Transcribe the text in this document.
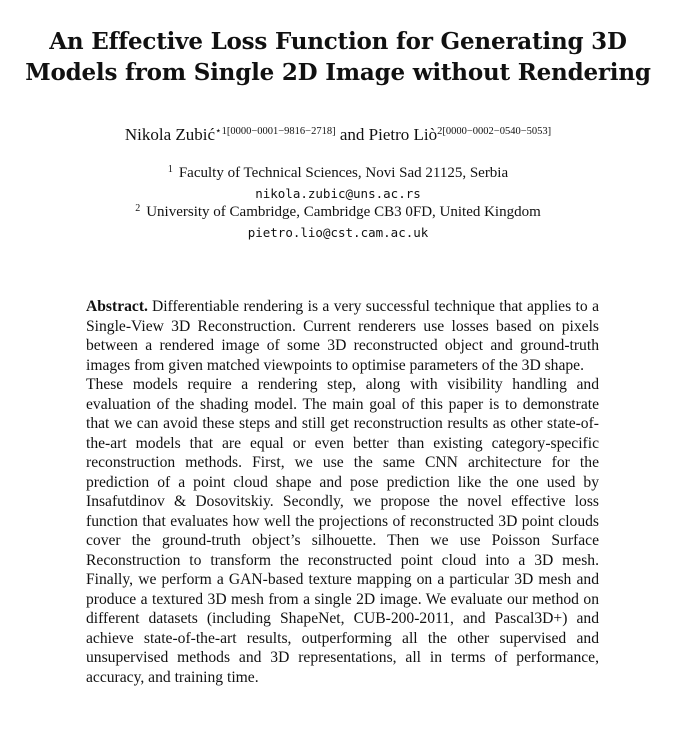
An Effective Loss Function for Generating 3D
Models from Single 2D Image without Rendering
Nikola Zubić$^{⋆1[0000-0001-9816-2718]}$ and Pietro Liò$^{2[0000-0002-0540-5053]}$
$^1$ Faculty of Technical Sciences, Novi Sad 21125, Serbia
nikola.zubic@uns.ac.rs
$^2$ University of Cambridge, Cambridge CB3 0FD, United Kingdom
pietro.lio@cst.cam.ac.uk

Abstract. Differentiable rendering is a very successful technique that applies to a Single-View 3D Reconstruction. Current renderers use losses based on pixels between a rendered image of some 3D reconstructed object and ground-truth images from given matched viewpoints to optimise parameters of the 3D shape.

These models require a rendering step, along with visibility handling and evaluation of the shading model. The main goal of this paper is to demonstrate that we can avoid these steps and still get reconstruction results as other state-of-the-art models that are equal or even better than existing category-specific reconstruction methods. First, we use the same CNN architecture for the prediction of a point cloud shape and pose prediction like the one used by Insafutdinov & Dosovitskiy. Secondly, we propose the novel effective loss function that evaluates how well the projections of reconstructed 3D point clouds cover the ground-truth object’s silhouette. Then we use Poisson Surface Reconstruction to transform the reconstructed point cloud into a 3D mesh. Finally, we perform a GAN-based texture mapping on a particular 3D mesh and produce a textured 3D mesh from a single 2D image. We evaluate our method on different datasets (including ShapeNet, CUB-200-2011, and Pascal3D+) and achieve state-of-the-art results, outperforming all the other supervised and unsupervised methods and 3D representations, all in terms of performance, accuracy, and training time.
